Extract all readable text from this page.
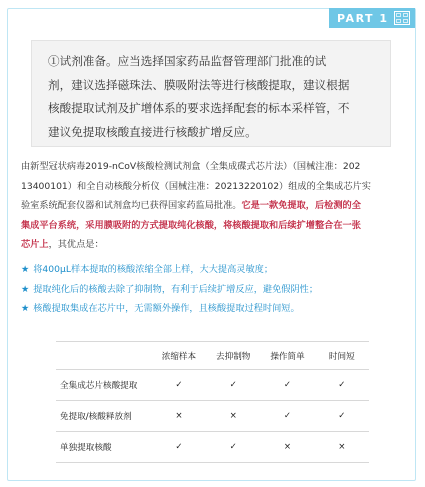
PART 1
①试剂准备。应当选择国家药品监督管理部门批准的试
剂，建议选择磁珠法、膜吸附法等进行核酸提取，建议根据
核酸提取试剂及扩增体系的要求选择配套的标本采样管，不
建议免提取核酸直接进行核酸扩增反应。
由新型冠状病毒2019-nCoV核酸检测试剂盒（全集成碟式芯片法）（国械注准：202
13400101）和全自动核酸分析仪（国械注准：20213220102）组成的全集成芯片实
验室系统配套仪器和试剂盒均已获得国家药监局批准。它是一款免提取，后检测的全
集成平台系统，采用膜吸附的方式提取纯化核酸，将核酸提取和后续扩增整合在一张
芯片上，其优点是：
★ 将400μL样本提取的核酸浓缩全部上样，大大提高灵敏度；
★ 提取纯化后的核酸去除了抑制物，有利于后续扩增反应，避免假阴性；
★ 核酸提取集成在芯片中，无需额外操作，且核酸提取过程时间短。
	浓缩样本	去抑制物	操作简单	时间短
全集成芯片核酸提取	✓	✓	✓	✓
免提取/核酸释放剂	×	×	✓	✓
单独提取核酸	✓	✓	×	×
